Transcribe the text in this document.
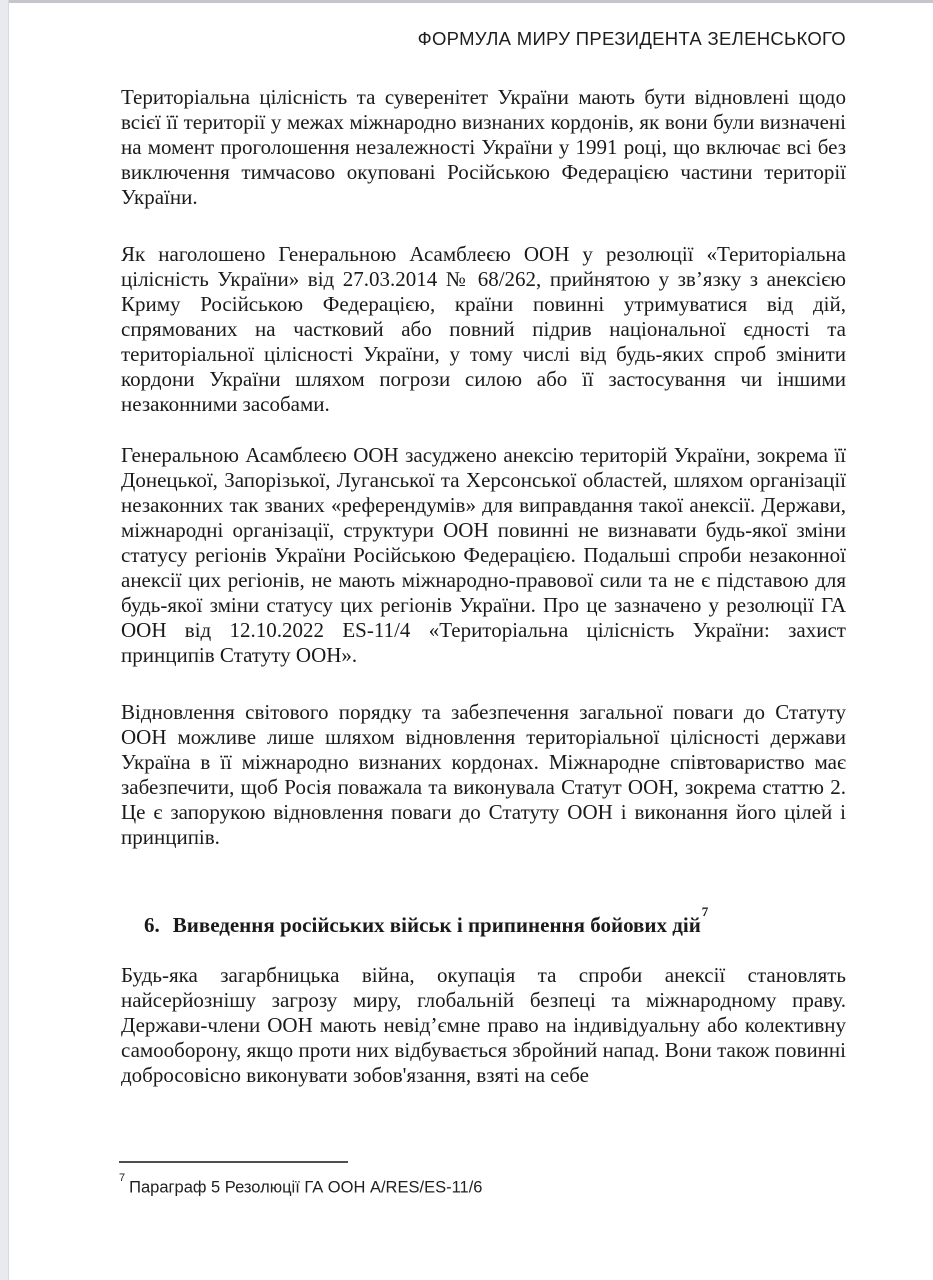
ФОРМУЛА МИРУ ПРЕЗИДЕНТА ЗЕЛЕНСЬКОГО

Територіальна цілісність та суверенітет України мають бути відновлені щодо всієї її території у межах міжнародно визнаних кордонів, як вони були визначені на момент проголошення незалежності України у 1991 році, що включає всі без виключення тимчасово окуповані Російською Федерацією частини території України.

Як наголошено Генеральною Асамблеєю ООН у резолюції «Територіальна цілісність України» від 27.03.2014 № 68/262, прийнятою у зв’язку з анексією Криму Російською Федерацією, країни повинні утримуватися від дій, спрямованих на частковий або повний підрив національної єдності та територіальної цілісності України, у тому числі від будь-яких спроб змінити кордони України шляхом погрози силою або її застосування чи іншими незаконними засобами.

Генеральною Асамблеєю ООН засуджено анексію територій України, зокрема її Донецької, Запорізької, Луганської та Херсонської областей, шляхом організації незаконних так званих «референдумів» для виправдання такої анексії. Держави, міжнародні організації, структури ООН повинні не визнавати будь-якої зміни статусу регіонів України Російською Федерацією. Подальші спроби незаконної анексії цих регіонів, не мають міжнародно-правової сили та не є підставою для будь-якої зміни статусу цих регіонів України. Про це зазначено у резолюції ГА ООН від 12.10.2022 ES-11/4 «Територіальна цілісність України: захист принципів Статуту ООН».

Відновлення світового порядку та забезпечення загальної поваги до Статуту ООН можливе лише шляхом відновлення територіальної цілісності держави Україна в її міжнародно визнаних кордонах. Міжнародне співтовариство має забезпечити, щоб Росія поважала та виконувала Статут ООН, зокрема статтю 2. Це є запорукою відновлення поваги до Статуту ООН і виконання його цілей і принципів.

6. Виведення російських військ і припинення бойових дій$^7$

Будь-яка загарбницька війна, окупація та спроби анексії становлять найсерйознішу загрозу миру, глобальній безпеці та міжнародному праву. Держави-члени ООН мають невід’ємне право на індивідуальну або колективну самооборону, якщо проти них відбувається збройний напад. Вони також повинні добросовісно виконувати зобов'язання, взяті на себе

$^7$Параграф 5 Резолюції ГА ООН A/RES/ES-11/6
